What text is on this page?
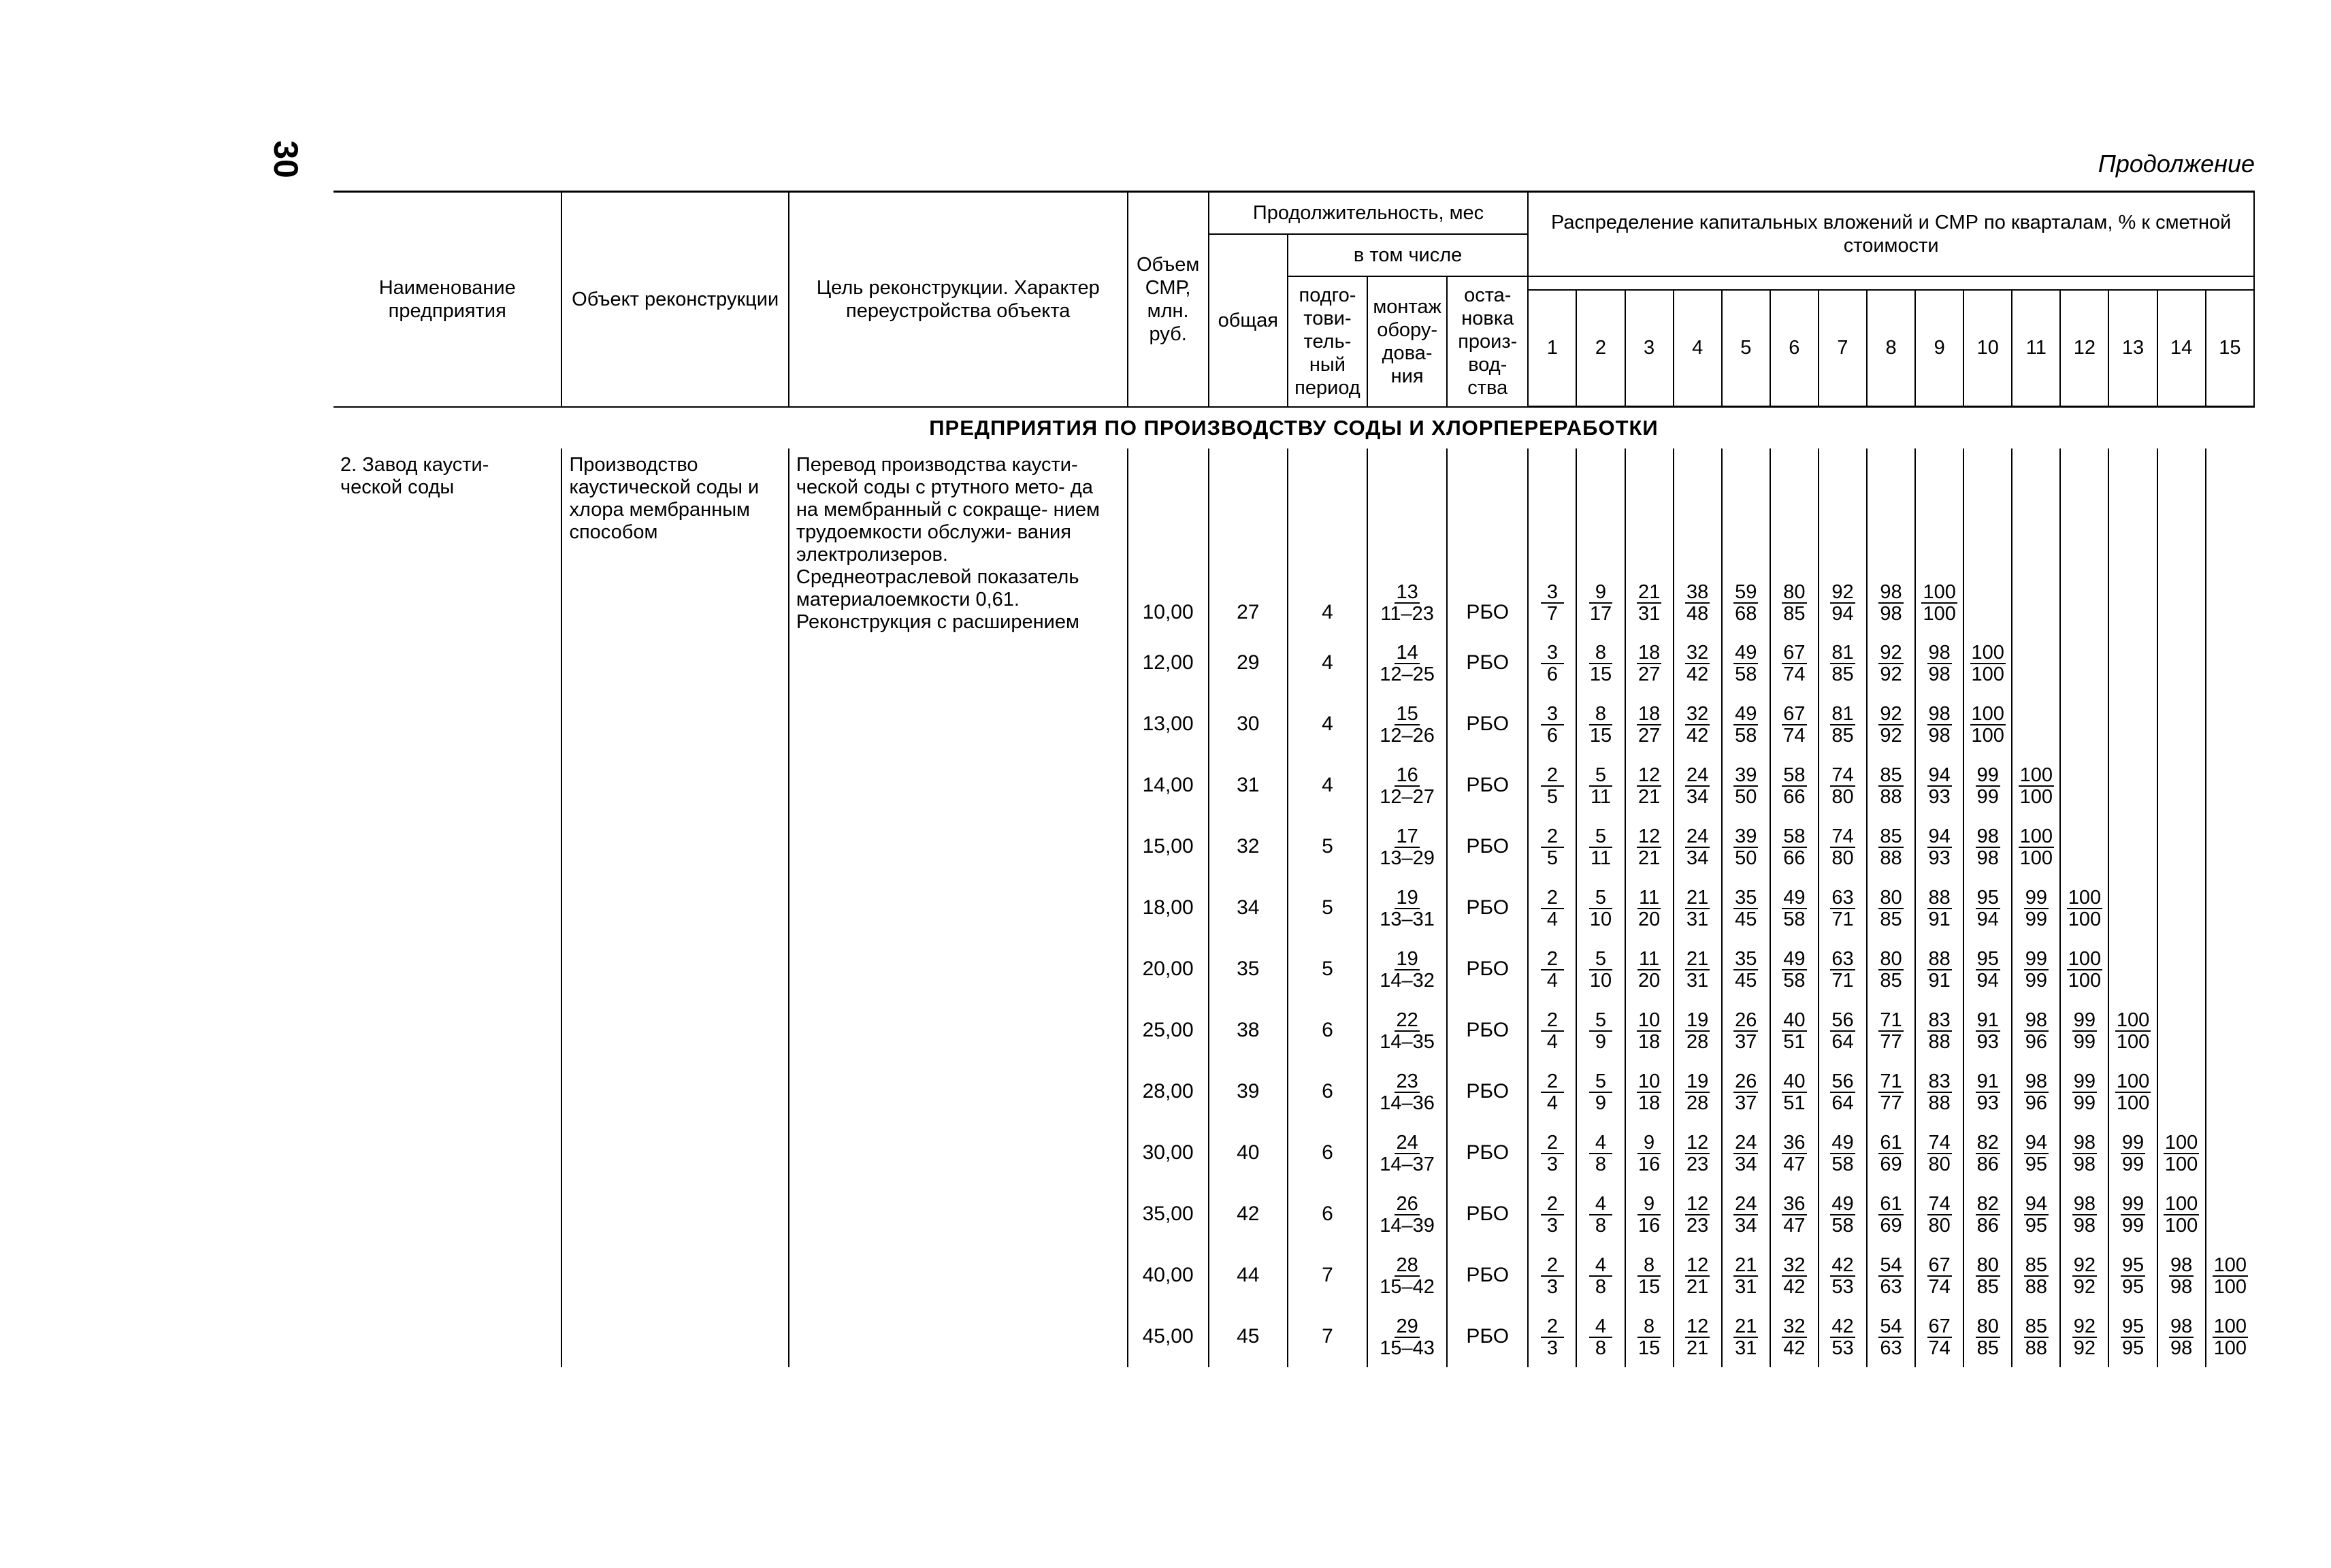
30	Продолжение
Наименование предприятия	Объект реконструкции	Цель реконструкции. Характер переустройства объекта	Объем СМР, млн. руб.	Продолжительность, мес				Распределение капитальных вложений и СМР по кварталам, % к сметной стоимости														
				общая	в том числе																	
					подго- тови- тель- ный период	монтаж обору- дова- ния	оста- новка произ- вод- ства															
								1	2	3	4	5	6	7	8	9	10	11	12	13	14	15
ПРЕДПРИЯТИЯ ПО ПРОИЗВОДСТВУ СОДЫ И ХЛОРПЕРЕРАБОТКИ																						
2. Завод каусти- ческой соды	Производство каустической соды и хлора мембранным способом	Перевод производства каусти- ческой соды с ртутного мето- да на мембранный с сокраще- нием трудоемкости обслужи- вания электролизеров. Среднеотраслевой показатель материалоемкости 0,61. Реконструкция с расширением	10,00	27	4	$\frac{13}{11-23}$	РБО	$\frac{3}{7}$	$\frac{9}{17}$	$\frac{21}{31}$	$\frac{38}{48}$	$\frac{59}{68}$	$\frac{80}{85}$	$\frac{92}{94}$	$\frac{98}{98}$	$\frac{100}{100}$

			12,00	29	4	$\frac{14}{12-25}$	РБО	$\frac{3}{6}$	$\frac{8}{15}$	$\frac{18}{27}$	$\frac{32}{42}$	$\frac{49}{58}$	$\frac{67}{74}$	$\frac{81}{85}$	$\frac{92}{92}$	$\frac{98}{98}$	$\frac{100}{100}$

			13,00	30	4	$\frac{15}{12-26}$	РБО	$\frac{3}{6}$	$\frac{8}{15}$	$\frac{18}{27}$	$\frac{32}{42}$	$\frac{49}{58}$	$\frac{67}{74}$	$\frac{81}{85}$	$\frac{92}{92}$	$\frac{98}{98}$	$\frac{100}{100}$

			14,00	31	4	$\frac{16}{12-27}$	РБО	$\frac{2}{5}$	$\frac{5}{11}$	$\frac{12}{21}$	$\frac{24}{34}$	$\frac{39}{50}$	$\frac{58}{66}$	$\frac{74}{80}$	$\frac{85}{88}$	$\frac{94}{93}$	$\frac{99}{99}$	$\frac{100}{100}$

			15,00	32	5	$\frac{17}{13-29}$	РБО	$\frac{2}{5}$	$\frac{5}{11}$	$\frac{12}{21}$	$\frac{24}{34}$	$\frac{39}{50}$	$\frac{58}{66}$	$\frac{74}{80}$	$\frac{85}{88}$	$\frac{94}{93}$	$\frac{98}{98}$	$\frac{100}{100}$

			18,00	34	5	$\frac{19}{13-31}$	РБО	$\frac{2}{4}$	$\frac{5}{10}$	$\frac{11}{20}$	$\frac{21}{31}$	$\frac{35}{45}$	$\frac{49}{58}$	$\frac{63}{71}$	$\frac{80}{85}$	$\frac{88}{91}$	$\frac{95}{94}$	$\frac{99}{99}$	$\frac{100}{100}$

			20,00	35	5	$\frac{19}{14-32}$	РБО	$\frac{2}{4}$	$\frac{5}{10}$	$\frac{11}{20}$	$\frac{21}{31}$	$\frac{35}{45}$	$\frac{49}{58}$	$\frac{63}{71}$	$\frac{80}{85}$	$\frac{88}{91}$	$\frac{95}{94}$	$\frac{99}{99}$	$\frac{100}{100}$

			25,00	38	6	$\frac{22}{14-35}$	РБО	$\frac{2}{4}$	$\frac{5}{9}$	$\frac{10}{18}$	$\frac{19}{28}$	$\frac{26}{37}$	$\frac{40}{51}$	$\frac{56}{64}$	$\frac{71}{77}$	$\frac{83}{88}$	$\frac{91}{93}$	$\frac{98}{96}$	$\frac{99}{99}$	$\frac{100}{100}$

			28,00	39	6	$\frac{23}{14-36}$	РБО	$\frac{2}{4}$	$\frac{5}{9}$	$\frac{10}{18}$	$\frac{19}{28}$	$\frac{26}{37}$	$\frac{40}{51}$	$\frac{56}{64}$	$\frac{71}{77}$	$\frac{83}{88}$	$\frac{91}{93}$	$\frac{98}{96}$	$\frac{99}{99}$	$\frac{100}{100}$

			30,00	40	6	$\frac{24}{14-37}$	РБО	$\frac{2}{3}$	$\frac{4}{8}$	$\frac{9}{16}$	$\frac{12}{23}$	$\frac{24}{34}$	$\frac{36}{47}$	$\frac{49}{58}$	$\frac{61}{69}$	$\frac{74}{80}$	$\frac{82}{86}$	$\frac{94}{95}$	$\frac{98}{98}$	$\frac{99}{99}$	$\frac{100}{100}$

			35,00	42	6	$\frac{26}{14-39}$	РБО	$\frac{2}{3}$	$\frac{4}{8}$	$\frac{9}{16}$	$\frac{12}{23}$	$\frac{24}{34}$	$\frac{36}{47}$	$\frac{49}{58}$	$\frac{61}{69}$	$\frac{74}{80}$	$\frac{82}{86}$	$\frac{94}{95}$	$\frac{98}{98}$	$\frac{99}{99}$	$\frac{100}{100}$

			40,00	44	7	$\frac{28}{15-42}$	РБО	$\frac{2}{3}$	$\frac{4}{8}$	$\frac{8}{15}$	$\frac{12}{21}$	$\frac{21}{31}$	$\frac{32}{42}$	$\frac{42}{53}$	$\frac{54}{63}$	$\frac{67}{74}$	$\frac{80}{85}$	$\frac{85}{88}$	$\frac{92}{92}$	$\frac{95}{95}$	$\frac{98}{98}$	$\frac{100}{100}$

			45,00	45	7	$\frac{29}{15-43}$	РБО	$\frac{2}{3}$	$\frac{4}{8}$	$\frac{8}{15}$	$\frac{12}{21}$	$\frac{21}{31}$	$\frac{32}{42}$	$\frac{42}{53}$	$\frac{54}{63}$	$\frac{67}{74}$	$\frac{80}{85}$	$\frac{85}{88}$	$\frac{92}{92}$	$\frac{95}{95}$	$\frac{98}{98}$	$\frac{100}{100}$
